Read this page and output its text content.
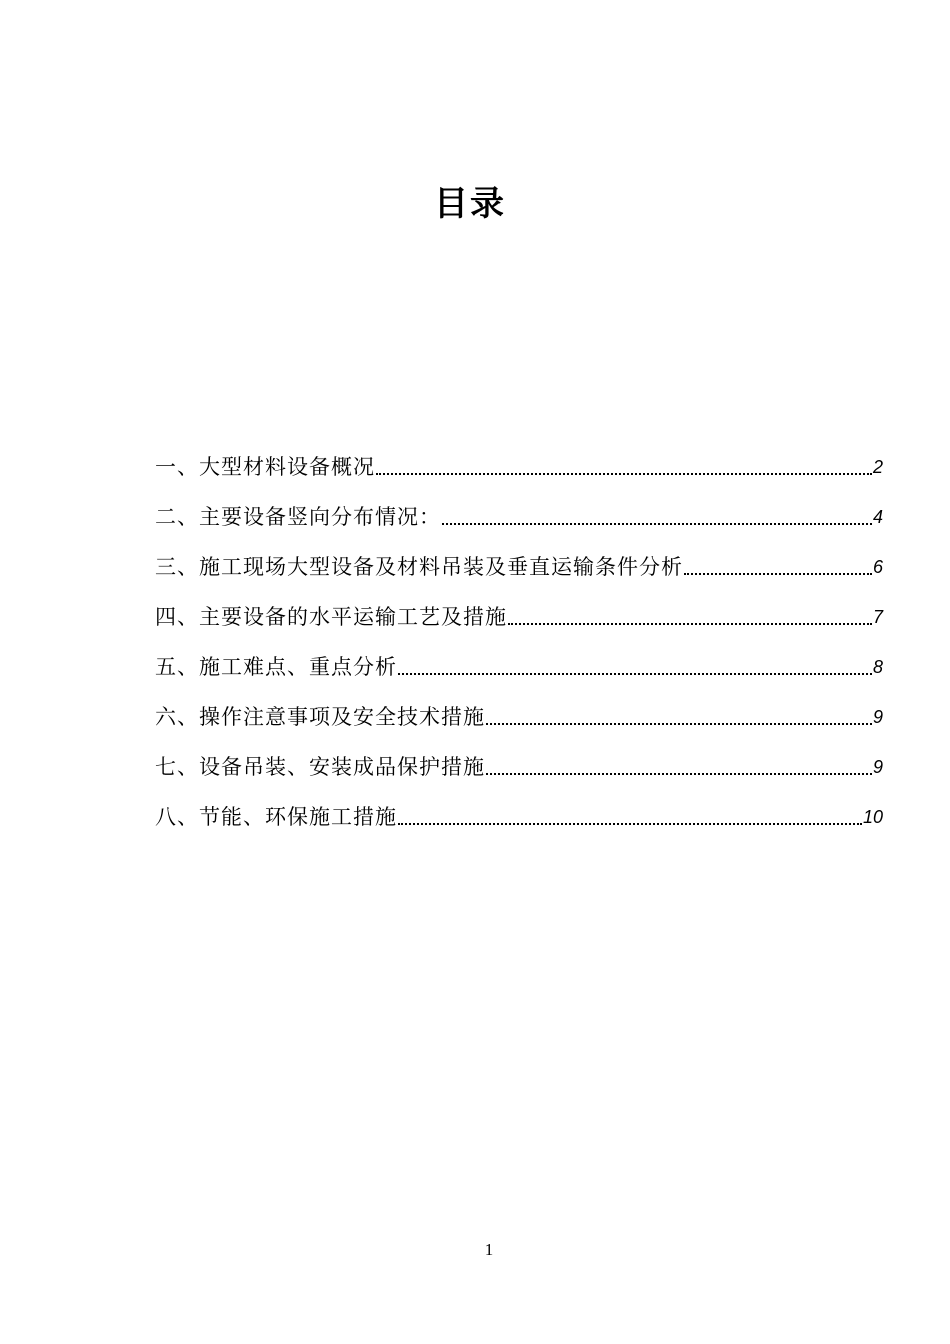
目录
一、大型材料设备概况	2
二、主要设备竖向分布情况：	4
三、施工现场大型设备及材料吊装及垂直运输条件分析	6
四、主要设备的水平运输工艺及措施	7
五、施工难点、重点分析	8
六、操作注意事项及安全技术措施	9
七、设备吊装、安装成品保护措施	9
八、节能、环保施工措施	10
1
